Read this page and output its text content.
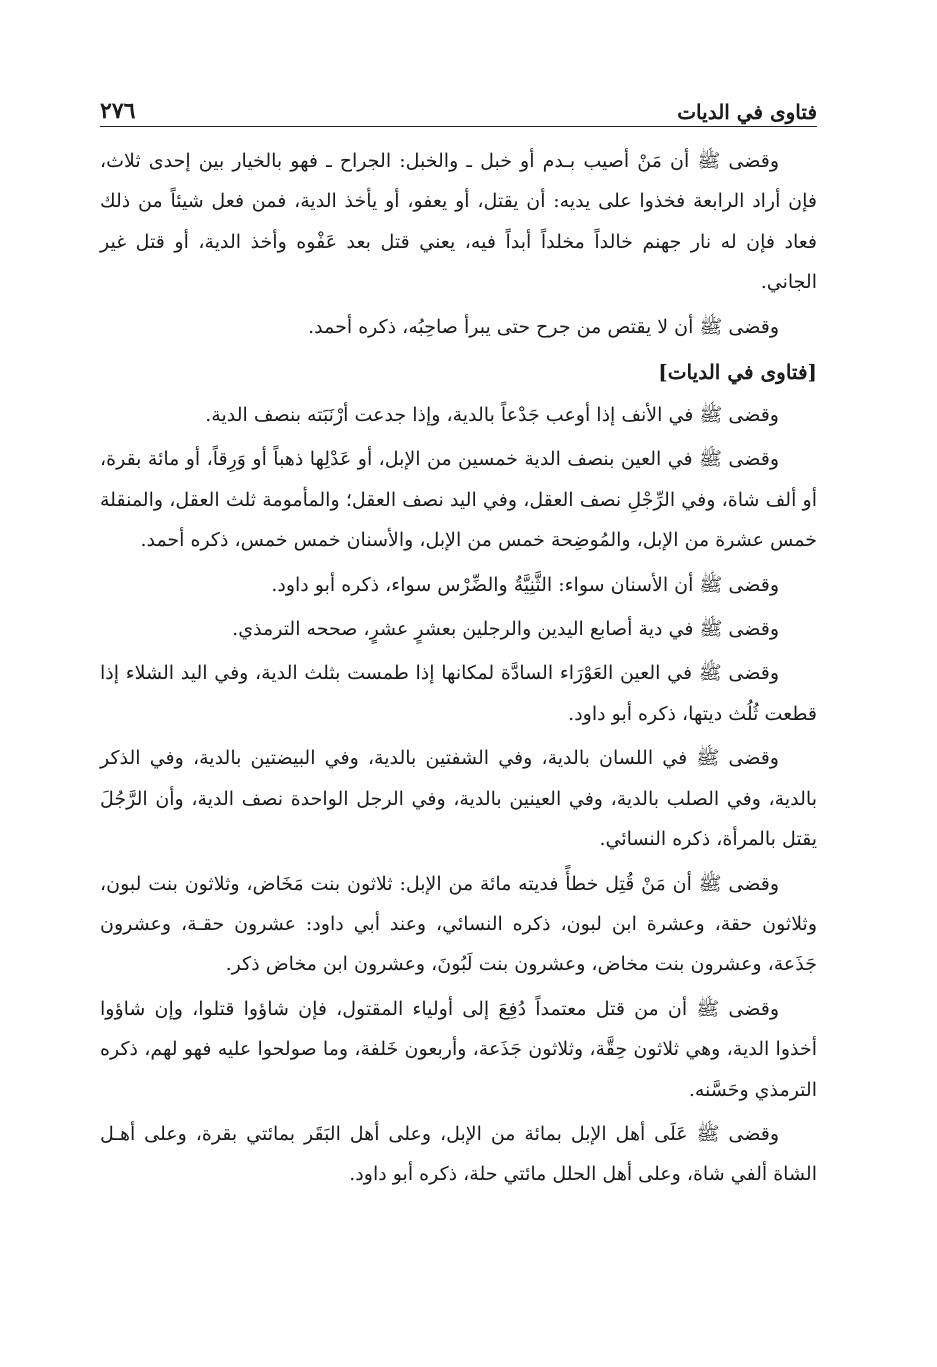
فتاوى في الديات
٢٧٦

وقضى ﷺ أن مَنْ أصيب بـدم أو خبل ـ والخبل: الجراح ـ فهو بالخيار بين إحدى ثلاث، فإن أراد الرابعة فخذوا على يديه: أن يقتل، أو يعفو، أو يأخذ الدية، فمن فعل شيئاً من ذلك فعاد فإن له نار جهنم خالداً مخلداً أبداً فيه، يعني قتل بعد عَفْوه وأخذ الدية، أو قتل غير الجاني.

وقضى ﷺ أن لا يقتص من جرح حتى يبرأ صاحِبُه، ذكره أحمد.

[فتاوى في الديات]

وقضى ﷺ في الأنف إذا أوعب جَدْعاً بالدية، وإذا جدعت أرْنَبَته بنصف الدية.

وقضى ﷺ في العين بنصف الدية خمسين من الإبل، أو عَدْلِها ذهباً أو وَرِقاً، أو مائة بقرة، أو ألف شاة، وفي الرِّجْلِ نصف العقل، وفي اليد نصف العقل؛ والمأمومة ثلث العقل، والمنقلة خمس عشرة من الإبل، والمُوضِحة خمس من الإبل، والأسنان خمس خمس، ذكره أحمد.

وقضى ﷺ أن الأسنان سواء: الثَّنِيَّةُ والضِّرْس سواء، ذكره أبو داود.

وقضى ﷺ في دية أصابع اليدين والرجلين بعشرٍ عشرٍ، صححه الترمذي.

وقضى ﷺ في العين العَوْرَاء السادَّة لمكانها إذا طمست بثلث الدية، وفي اليد الشلاء إذا قطعت ثُلُث ديتها، ذكره أبو داود.

وقضى ﷺ في اللسان بالدية، وفي الشفتين بالدية، وفي البيضتين بالدية، وفي الذكر بالدية، وفي الصلب بالدية، وفي العينين بالدية، وفي الرجل الواحدة نصف الدية، وأن الرَّجُلَ يقتل بالمرأة، ذكره النسائي.

وقضى ﷺ أن مَنْ قُتِل خطأً فديته مائة من الإبل: ثلاثون بنت مَخَاض، وثلاثون بنت لبون، وثلاثون حقة، وعشرة ابن لبون، ذكره النسائي، وعند أبي داود: عشرون حقـة، وعشرون جَذَعة، وعشرون بنت مخاض، وعشرون بنت لَبُونَ، وعشرون ابن مخاض ذكر.

وقضى ﷺ أن من قتل معتمداً دُفِعَ إلى أولياء المقتول، فإن شاؤوا قتلوا، وإن شاؤوا أخذوا الدية، وهي ثلاثون حِقَّة، وثلاثون جَذَعة، وأربعون خَلفة، وما صولحوا عليه فهو لهم، ذكره الترمذي وحَسَّنه.

وقضى ﷺ عَلَى أهل الإبل بمائة من الإبل، وعلى أهل البَقَر بمائتي بقرة، وعلى أهـل الشاة ألفي شاة، وعلى أهل الحلل مائتي حلة، ذكره أبو داود.
